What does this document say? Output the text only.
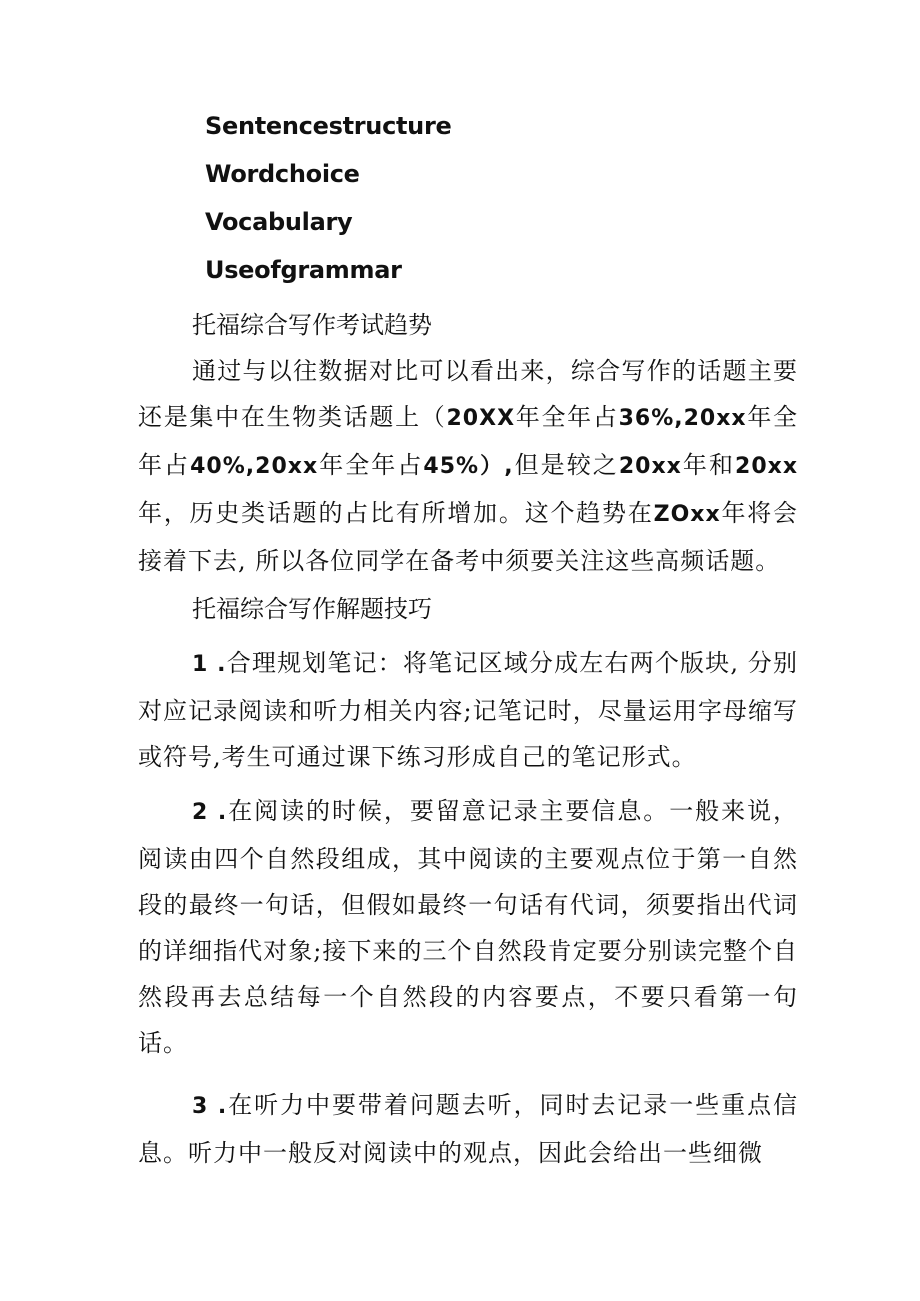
Sentencestructure
Wordchoice
Vocabulary
Useofgrammar

托福综合写作考试趋势

通过与以往数据对比可以看出来，综合写作的话题主要还是集中在生物类话题上（20XX年全年占36%,20xx年全年占40%,20xx年全年占45%）,但是较之20xx年和20xx年，历史类话题的占比有所增加。这个趋势在ZOxx年将会接着下去, 所以各位同学在备考中须要关注这些高频话题。

托福综合写作解题技巧

1 .合理规划笔记：将笔记区域分成左右两个版块, 分别对应记录阅读和听力相关内容;记笔记时，尽量运用字母缩写或符号,考生可通过课下练习形成自己的笔记形式。

2 .在阅读的时候，要留意记录主要信息。一般来说，阅读由四个自然段组成，其中阅读的主要观点位于第一自然段的最终一句话，但假如最终一句话有代词，须要指出代词的详细指代对象;接下来的三个自然段肯定要分别读完整个自然段再去总结每一个自然段的内容要点，不要只看第一句话。

3 .在听力中要带着问题去听，同时去记录一些重点信息。听力中一般反对阅读中的观点，因此会给出一些细微
